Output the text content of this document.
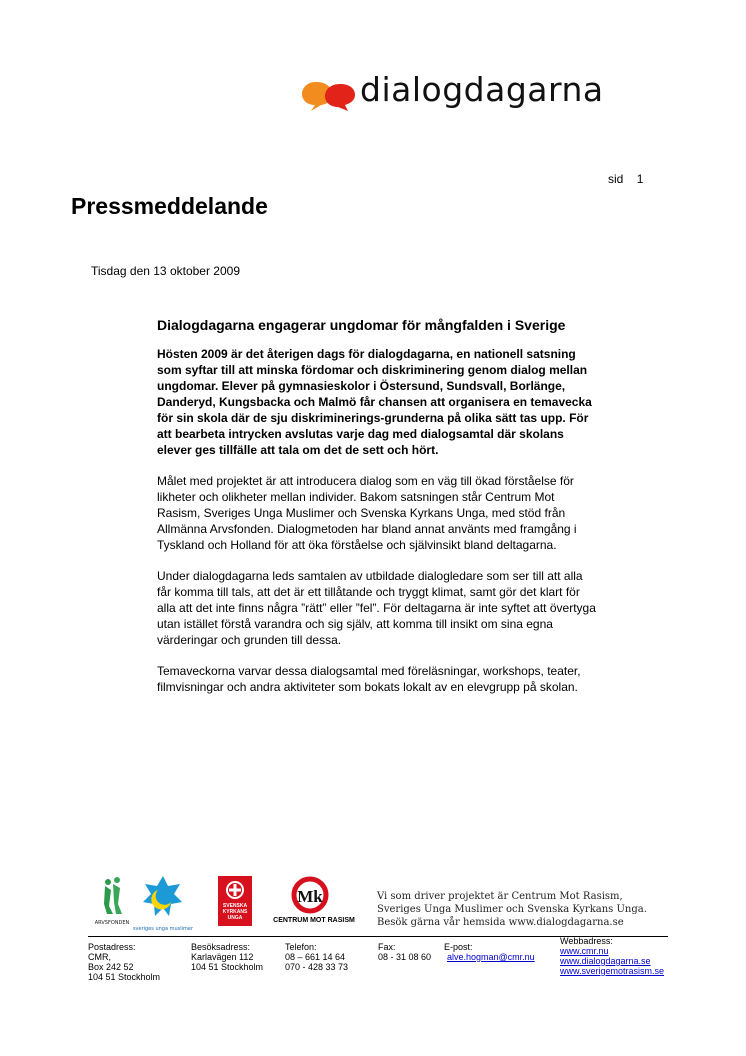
dialogdagarna
sid 1
Pressmeddelande
Tisdag den 13 oktober 2009
Dialogdagarna engagerar ungdomar för mångfalden i Sverige

Hösten 2009 är det återigen dags för dialogdagarna, en nationell satsning som syftar till att minska fördomar och diskriminering genom dialog mellan ungdomar. Elever på gymnasieskolor i Östersund, Sundsvall, Borlänge, Danderyd, Kungsbacka och Malmö får chansen att organisera en temavecka för sin skola där de sju diskriminerings-grunderna på olika sätt tas upp. För att bearbeta intrycken avslutas varje dag med dialogsamtal där skolans elever ges tillfälle att tala om det de sett och hört.

Målet med projektet är att introducera dialog som en väg till ökad förståelse för likheter och olikheter mellan individer. Bakom satsningen står Centrum Mot Rasism, Sveriges Unga Muslimer och Svenska Kyrkans Unga, med stöd från Allmänna Arvsfonden. Dialogmetoden har bland annat använts med framgång i Tyskland och Holland för att öka förståelse och självinsikt bland deltagarna.

Under dialogdagarna leds samtalen av utbildade dialogledare som ser till att alla får komma till tals, att det är ett tillåtande och tryggt klimat, samt gör det klart för alla att det inte finns några ”rätt” eller ”fel”. För deltagarna är inte syftet att övertyga utan istället förstå varandra och sig själv, att komma till insikt om sina egna värderingar och grunden till dessa.

Temaveckorna varvar dessa dialogsamtal med föreläsningar, workshops, teater, filmvisningar och andra aktiviteter som bokats lokalt av en elevgrupp på skolan.

ARVSFONDEN
sveriges unga muslimer
SVENSKA
KYRKANS
UNGA
Mk
CENTRUM MOT RASISM
Vi som driver projektet är Centrum Mot Rasism, Sveriges Unga Muslimer och Svenska Kyrkans Unga. Besök gärna vår hemsida www.dialogdagarna.se
Postadress:
CMR,
Box 242 52
104 51 Stockholm
Besöksadress:
Karlavägen 112
104 51 Stockholm
Telefon:
08 – 661 14 64
070 - 428 33 73
Fax:
08 - 31 08 60
E-post:
alve.hogman@cmr.nu
Webbadress:
www.cmr.nu
www.dialogdagarna.se
www.sverigemotrasism.se
